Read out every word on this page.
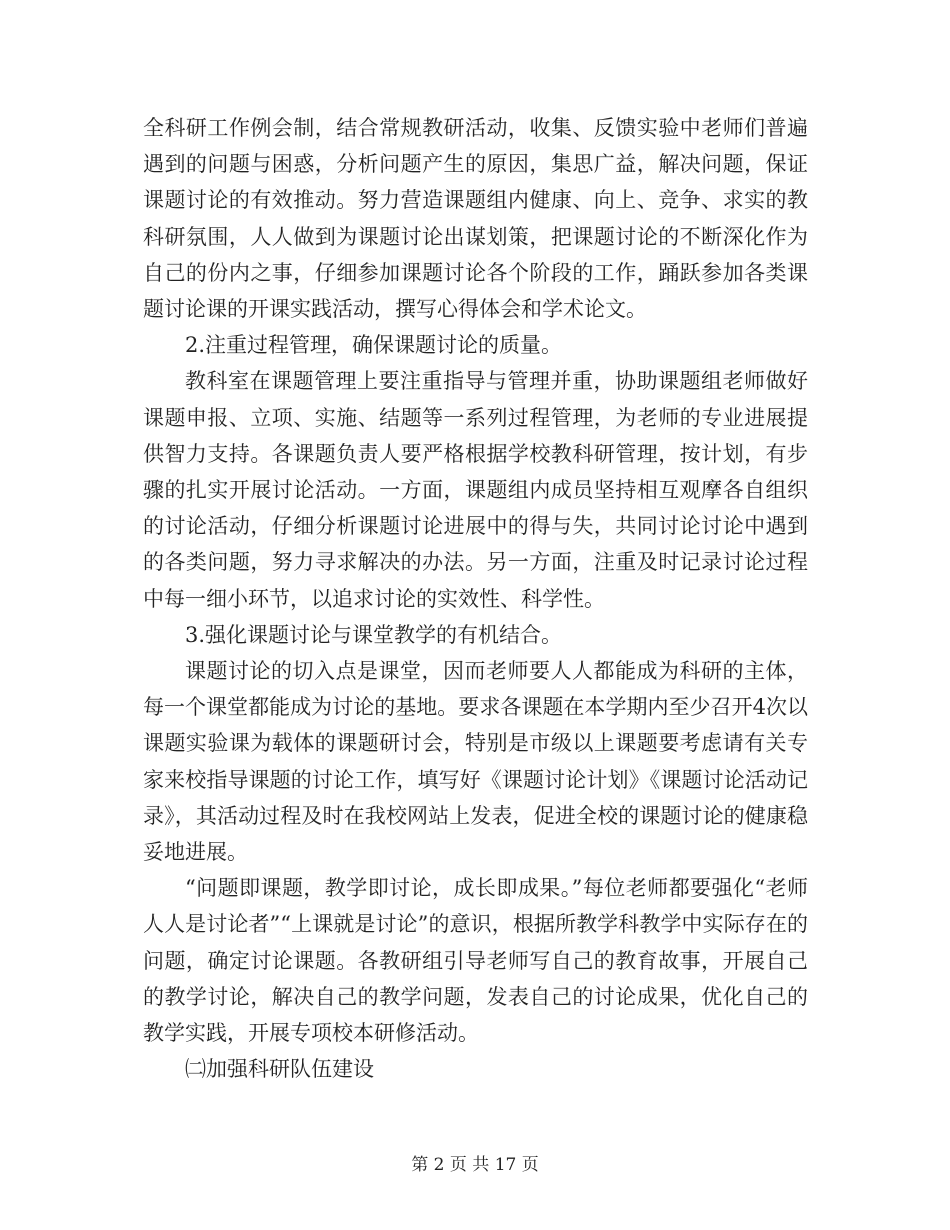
全科研工作例会制，结合常规教研活动，收集、反馈实验中老师们普遍遇到的问题与困惑，分析问题产生的原因，集思广益，解决问题，保证课题讨论的有效推动。努力营造课题组内健康、向上、竞争、求实的教科研氛围，人人做到为课题讨论出谋划策，把课题讨论的不断深化作为自己的份内之事，仔细参加课题讨论各个阶段的工作，踊跃参加各类课题讨论课的开课实践活动，撰写心得体会和学术论文。

2.注重过程管理，确保课题讨论的质量。

教科室在课题管理上要注重指导与管理并重，协助课题组老师做好课题申报、立项、实施、结题等一系列过程管理，为老师的专业进展提供智力支持。各课题负责人要严格根据学校教科研管理，按计划，有步骤的扎实开展讨论活动。一方面，课题组内成员坚持相互观摩各自组织的讨论活动，仔细分析课题讨论进展中的得与失，共同讨论讨论中遇到的各类问题，努力寻求解决的办法。另一方面，注重及时记录讨论过程中每一细小环节，以追求讨论的实效性、科学性。

3.强化课题讨论与课堂教学的有机结合。

课题讨论的切入点是课堂，因而老师要人人都能成为科研的主体，每一个课堂都能成为讨论的基地。要求各课题在本学期内至少召开4次以课题实验课为载体的课题研讨会，特别是市级以上课题要考虑请有关专家来校指导课题的讨论工作，填写好《课题讨论计划》《课题讨论活动记录》，其活动过程及时在我校网站上发表，促进全校的课题讨论的健康稳妥地进展。

“问题即课题，教学即讨论，成长即成果。”每位老师都要强化“老师人人是讨论者”“上课就是讨论”的意识，根据所教学科教学中实际存在的问题，确定讨论课题。各教研组引导老师写自己的教育故事，开展自己的教学讨论，解决自己的教学问题，发表自己的讨论成果，优化自己的教学实践，开展专项校本研修活动。

㈡加强科研队伍建设

第 2 页 共 17 页
